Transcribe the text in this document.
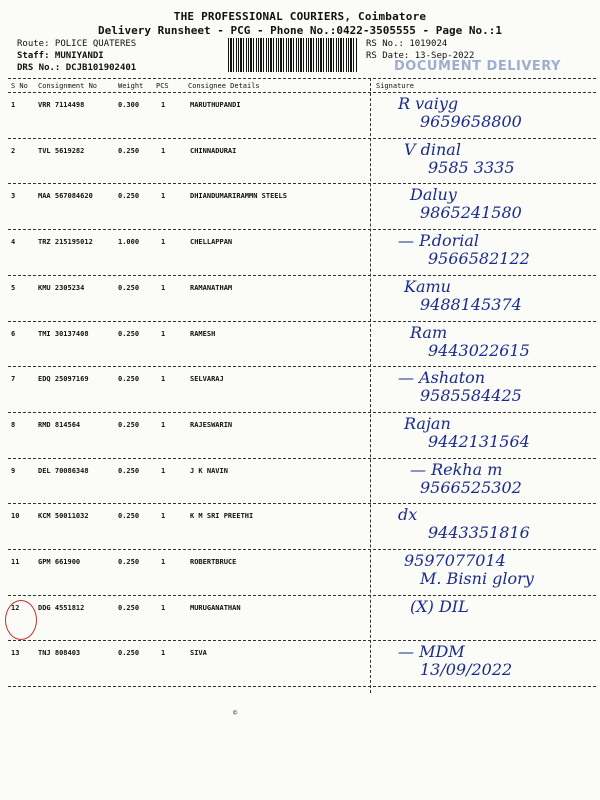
THE PROFESSIONAL COURIERS, Coimbatore
Delivery Runsheet - PCG - Phone No.:0422-3505555 - Page No.:1
Route: POLICE QUATERES
Staff: MUNIYANDI
DRS No.: DCJB101902401
RS No.: 1019024
RS Date: 13-Sep-2022
DOCUMENT DELIVERY
S No Consignment No	Weight PCS	Consignee Details	Signature
1	VRR 7114498	0.300	1	MARUTHUPANDI	R vaiyg
9659658800
2	TVL 5619282	0.250	1	CHINNADURAI	V dinal
9585 3335
3	MAA 567084620	0.250	1	DHIANDUMARIRAMMN STEELS	Daluy
9865241580
4	TRZ 215195012	1.000	1	CHELLAPPAN	— P.dorial
9566582122
5	KMU 2305234	0.250	1	RAMANATHAM	Kamu
9488145374
6	TMI 30137408	0.250	1	RAMESH	Ram
9443022615
7	EDQ 25097169	0.250	1	SELVARAJ	— Ashaton
9585584425
8	RMD 814564	0.250	1	RAJESWARIN	Rajan
9442131564
9	DEL 70086348	0.250	1	J K NAVIN	— Rekha m
9566525302
10	KCM 50011032	0.250	1	K M SRI PREETHI	dx
9443351816
11	GPM 661900	0.250	1	ROBERTBRUCE	9597077014
M. Bisni glory
12	DDG 4551812	0.250	1	MURUGANATHAN	(X) DIL
13	TNJ 808403	0.250	1	SIVA	— MDM
13/09/2022
©
